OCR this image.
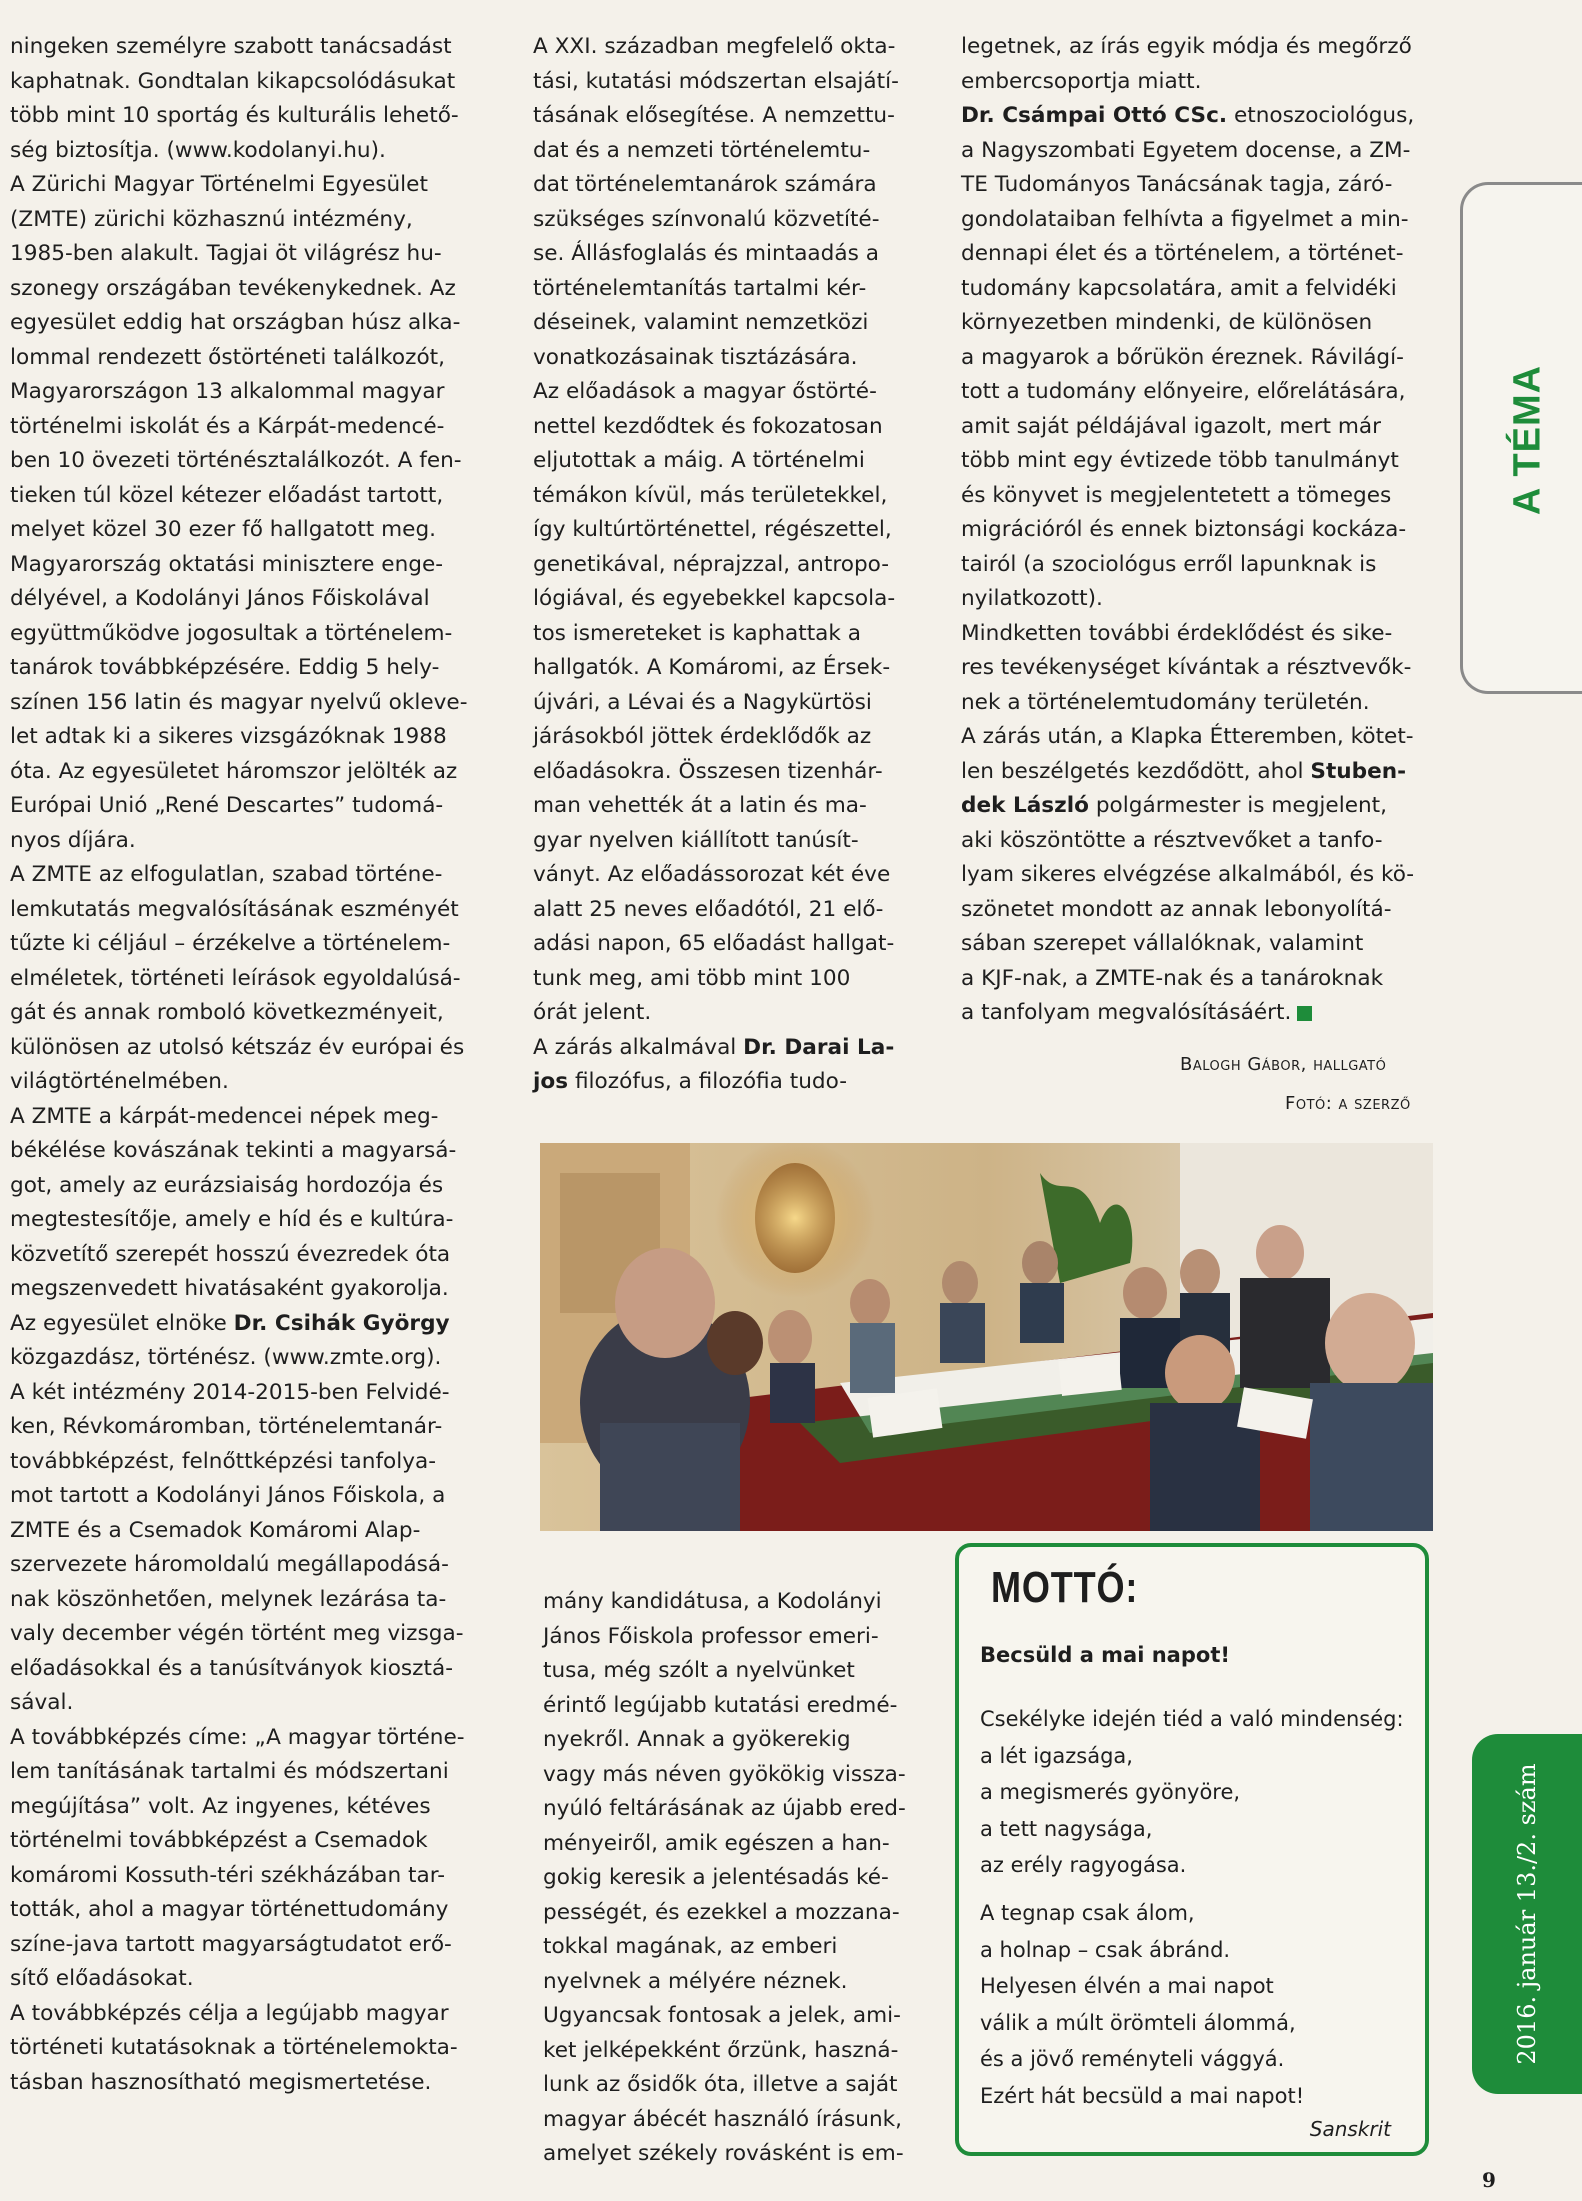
ningeken személyre szabott tanácsadást
kaphatnak. Gondtalan kikapcsolódásukat
több mint 10 sportág és kulturális lehető-
ség biztosítja. (www.kodolanyi.hu).
A Zürichi Magyar Történelmi Egyesület
(ZMTE) zürichi közhasznú intézmény,
1985-ben alakult. Tagjai öt világrész hu-
szonegy országában tevékenykednek. Az
egyesület eddig hat országban húsz alka-
lommal rendezett őstörténeti találkozót,
Magyarországon 13 alkalommal magyar
történelmi iskolát és a Kárpát-medencé-
ben 10 övezeti történésztalálkozót. A fen-
tieken túl közel kétezer előadást tartott,
melyet közel 30 ezer fő hallgatott meg.
Magyarország oktatási minisztere enge-
délyével, a Kodolányi János Főiskolával
együttműködve jogosultak a történelem-
tanárok továbbképzésére. Eddig 5 hely-
színen 156 latin és magyar nyelvű okleve-
let adtak ki a sikeres vizsgázóknak 1988
óta. Az egyesületet háromszor jelölték az
Európai Unió „René Descartes” tudomá-
nyos díjára.
A ZMTE az elfogulatlan, szabad történe-
lemkutatás megvalósításának eszményét
tűzte ki céljául – érzékelve a történelem-
elméletek, történeti leírások egyoldalúsá-
gát és annak romboló következményeit,
különösen az utolsó kétszáz év európai és
világtörténelmében.
A ZMTE a kárpát-medencei népek meg-
békélése kovászának tekinti a magyarsá-
got, amely az eurázsiaiság hordozója és
megtestesítője, amely e híd és e kultúra-
közvetítő szerepét hosszú évezredek óta
megszenvedett hivatásaként gyakorolja.
Az egyesület elnöke Dr. Csihák György
közgazdász, történész. (www.zmte.org).
A két intézmény 2014-2015-ben Felvidé-
ken, Révkomáromban, történelemtanár-
továbbképzést, felnőttképzési tanfolya-
mot tartott a Kodolányi János Főiskola, a
ZMTE és a Csemadok Komáromi Alap-
szervezete háromoldalú megállapodásá-
nak köszönhetően, melynek lezárása ta-
valy december végén történt meg vizsga-
előadásokkal és a tanúsítványok kiosztá-
sával.
A továbbképzés címe: „A magyar történe-
lem tanításának tartalmi és módszertani
megújítása” volt. Az ingyenes, kétéves
történelmi továbbképzést a Csemadok
komáromi Kossuth-téri székházában tar-
tották, ahol a magyar történettudomány
színe-java tartott magyarságtudatot erő-
sítő előadásokat.
A továbbképzés célja a legújabb magyar
történeti kutatásoknak a történelemokta-
tásban hasznosítható megismertetése.
A XXI. században megfelelő okta-
tási, kutatási módszertan elsajátí-
tásának elősegítése. A nemzettu-
dat és a nemzeti történelemtu-
dat történelemtanárok számára
szükséges színvonalú közvetíté-
se. Állásfoglalás és mintaadás a
történelemtanítás tartalmi kér-
déseinek, valamint nemzetközi
vonatkozásainak tisztázására.
Az előadások a magyar őstörté-
nettel kezdődtek és fokozatosan
eljutottak a máig. A történelmi
témákon kívül, más területekkel,
így kultúrtörténettel, régészettel,
genetikával, néprajzzal, antropo-
lógiával, és egyebekkel kapcsola-
tos ismereteket is kaphattak a
hallgatók. A Komáromi, az Érsek-
újvári, a Lévai és a Nagykürtösi
járásokból jöttek érdeklődők az
előadásokra. Összesen tizenhár-
man vehették át a latin és ma-
gyar nyelven kiállított tanúsít-
ványt. Az előadássorozat két éve
alatt 25 neves előadótól, 21 elő-
adási napon, 65 előadást hallgat-
tunk meg, ami több mint 100
órát jelent.
A zárás alkalmával Dr. Darai La-
jos filozófus, a filozófia tudo-
legetnek, az írás egyik módja és megőrző
embercsoportja miatt.
Dr. Csámpai Ottó CSc. etnoszociológus,
a Nagyszombati Egyetem docense, a ZM-
TE Tudományos Tanácsának tagja, záró-
gondolataiban felhívta a figyelmet a min-
dennapi élet és a történelem, a történet-
tudomány kapcsolatára, amit a felvidéki
környezetben mindenki, de különösen
a magyarok a bőrükön éreznek. Rávilágí-
tott a tudomány előnyeire, előrelátására,
amit saját példájával igazolt, mert már
több mint egy évtizede több tanulmányt
és könyvet is megjelentetett a tömeges
migrációról és ennek biztonsági kockáza-
tairól (a szociológus erről lapunknak is
nyilatkozott).
Mindketten további érdeklődést és sike-
res tevékenységet kívántak a résztvevők-
nek a történelemtudomány területén.
A zárás után, a Klapka Étteremben, kötet-
len beszélgetés kezdődött, ahol Stuben-
dek László polgármester is megjelent,
aki köszöntötte a résztvevőket a tanfo-
lyam sikeres elvégzése alkalmából, és kö-
szönetet mondott az annak lebonyolítá-
sában szerepet vállalóknak, valamint
a KJF-nak, a ZMTE-nak és a tanároknak
a tanfolyam megvalósításáért.
Balogh Gábor, hallgató
Fotó: a szerző
mány kandidátusa, a Kodolányi
János Főiskola professor emeri-
tusa, még szólt a nyelvünket
érintő legújabb kutatási eredmé-
nyekről. Annak a gyökerekig
vagy más néven gyökökig vissza-
nyúló feltárásának az újabb ered-
ményeiről, amik egészen a han-
gokig keresik a jelentésadás ké-
pességét, és ezekkel a mozzana-
tokkal magának, az emberi
nyelvnek a mélyére néznek.
Ugyancsak fontosak a jelek, ami-
ket jelképekként őrzünk, haszná-
lunk az ősidők óta, illetve a saját
magyar ábécét használó írásunk,
amelyet székely rovásként is em-
MOTTÓ:
Becsüld a mai napot!
Csekélyke idején tiéd a való mindenség:
a lét igazsága,
a megismerés gyönyöre,
a tett nagysága,
az erély ragyogása.
A tegnap csak álom,
a holnap – csak ábránd.
Helyesen élvén a mai napot
válik a múlt örömteli álommá,
és a jövő reményteli vággyá.
Ezért hát becsüld a mai napot!
Sanskrit
A TÉMA
2016. január 13./2. szám
9
